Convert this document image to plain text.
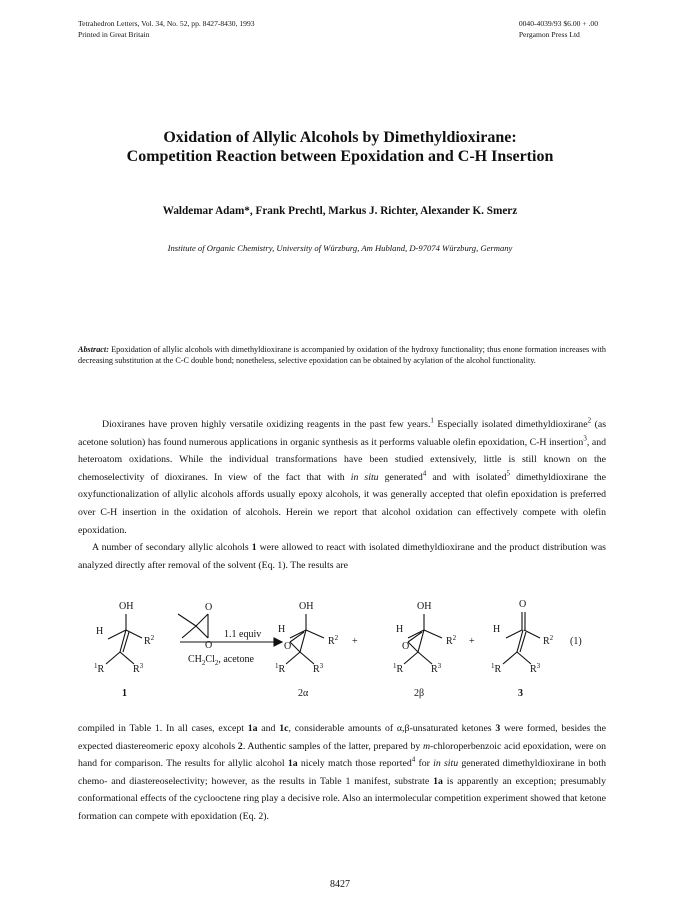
Tetrahedron Letters, Vol. 34, No. 52, pp. 8427-8430, 1993
Printed in Great Britain
0040-4039/93 $6.00 + .00
Pergamon Press Ltd
Oxidation of Allylic Alcohols by Dimethyldioxirane:
Competition Reaction between Epoxidation and C-H Insertion
Waldemar Adam*, Frank Prechtl, Markus J. Richter, Alexander K. Smerz
Institute of Organic Chemistry, University of Würzburg, Am Hubland, D-97074 Würzburg, Germany
Abstract: Epoxidation of allylic alcohols with dimethyldioxirane is accompanied by oxidation of the hydroxy functionality; thus enone formation increases with decreasing substitution at the C-C double bond; nonetheless, selective epoxidation can be obtained by acylation of the alcohol functionality.
Dioxiranes have proven highly versatile oxidizing reagents in the past few years.$^1$ Especially isolated dimethyldioxirane$^2$ (as acetone solution) has found numerous applications in organic synthesis as it performs valuable olefin epoxidation, C-H insertion$^3$, and heteroatom oxidations. While the individual transformations have been studied extensively, little is still known on the chemoselectivity of dioxiranes. In view of the fact that with in situ generated$^4$ and with isolated$^5$ dimethyldioxirane the oxyfunctionalization of allylic alcohols affords usually epoxy alcohols, it was generally accepted that olefin epoxidation is preferred over C-H insertion in the oxidation of alcohols. Herein we report that alcohol oxidation can effectively compete with olefin epoxidation.
A number of secondary allylic alcohols 1 were allowed to react with isolated dimethyldioxirane and the product distribution was analyzed directly after removal of the solvent (Eq. 1). The results are
OH
H
$R^2$
$^1$R	$R^3$
O
O
1.1 equiv
$CH_2Cl_2$, acetone
OH
H
O	$R^2$
$^1$R	$R^3$
+
OH
H
O	$R^2$
$^1$R	$R^3$
+
O
H
$R^2$
$^1$R	$R^3$
(1)
1	2α	2β	3
compiled in Table 1. In all cases, except 1a and 1c, considerable amounts of α,β-unsaturated ketones 3 were formed, besides the expected diastereomeric epoxy alcohols 2. Authentic samples of the latter, prepared by m-chloroperbenzoic acid epoxidation, were on hand for comparison. The results for allylic alcohol 1a nicely match those reported$^4$ for in situ generated dimethyldioxirane in both chemo- and diastereoselectivity; however, as the results in Table 1 manifest, substrate 1a is apparently an exception; presumably conformational effects of the cyclooctene ring play a decisive role. Also an intermolecular competition experiment showed that ketone formation can compete with epoxidation (Eq. 2).
8427
